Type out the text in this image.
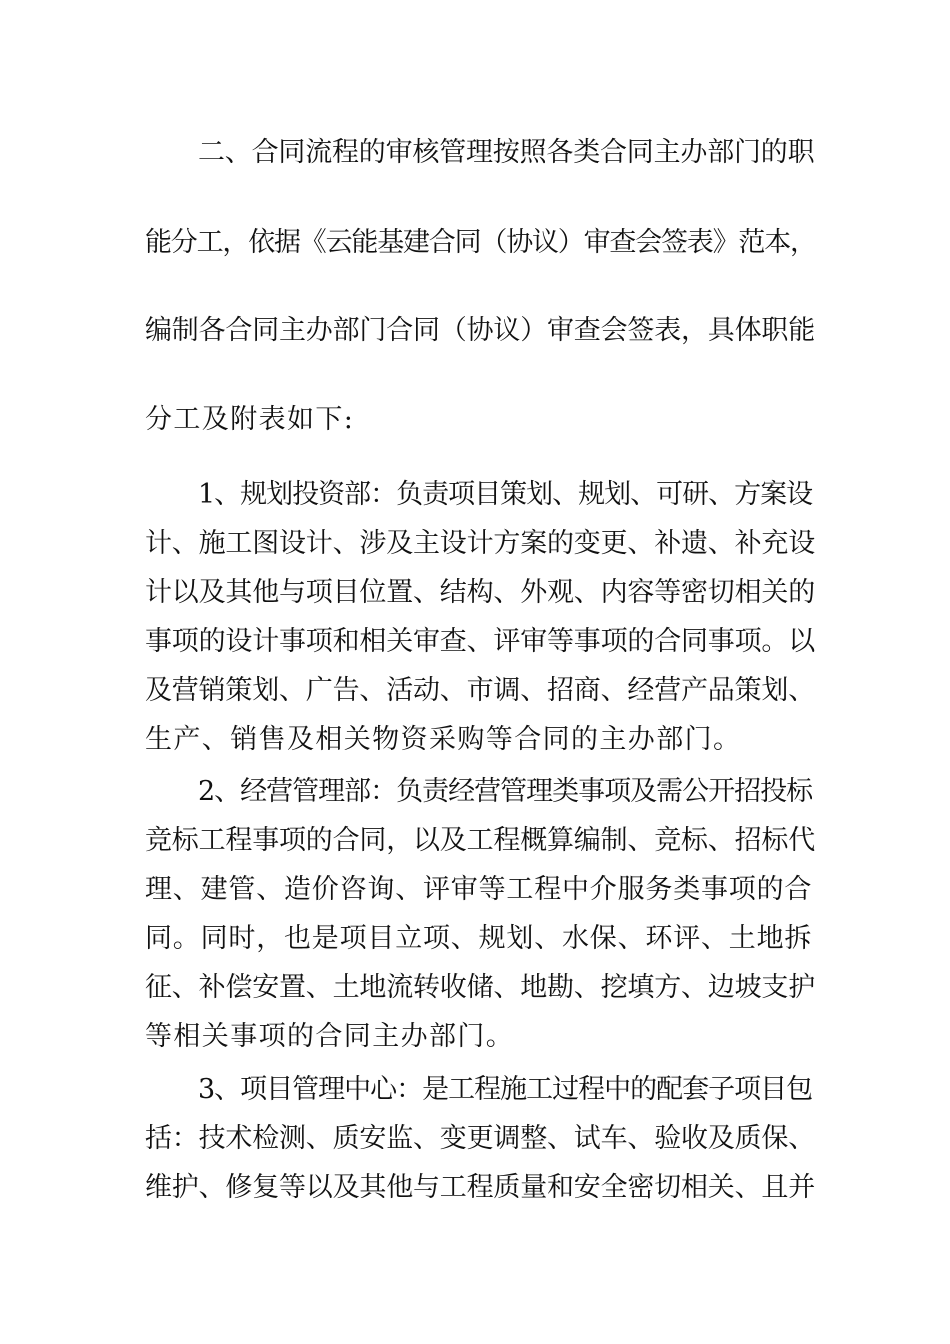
二、合同流程的审核管理按照各类合同主办部门的职
能分工，依据《云能基建合同（协议）审查会签表》范本，
编制各合同主办部门合同（协议）审查会签表，具体职能
分工及附表如下:
1、规划投资部：负责项目策划、规划、可研、方案设
计、施工图设计、涉及主设计方案的变更、补遗、补充设
计以及其他与项目位置、结构、外观、内容等密切相关的
事项的设计事项和相关审查、评审等事项的合同事项。以
及营销策划、广告、活动、市调、招商、经营产品策划、
生产、销售及相关物资采购等合同的主办部门。
2、经营管理部：负责经营管理类事项及需公开招投标
竞标工程事项的合同，以及工程概算编制、竞标、招标代
理、建管、造价咨询、评审等工程中介服务类事项的合
同。同时，也是项目立项、规划、水保、环评、土地拆
征、补偿安置、土地流转收储、地勘、挖填方、边坡支护
等相关事项的合同主办部门。
3、项目管理中心：是工程施工过程中的配套子项目包
括：技术检测、质安监、变更调整、试车、验收及质保、
维护、修复等以及其他与工程质量和安全密切相关、且并
